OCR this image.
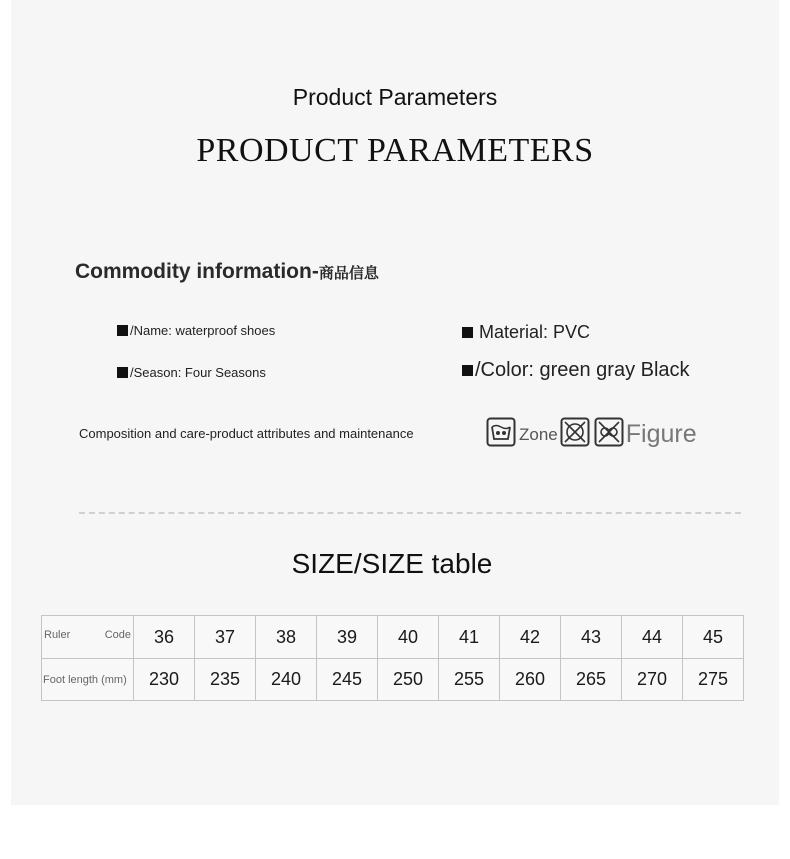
Product Parameters
PRODUCT PARAMETERS
Commodity information-商品信息
/Name: waterproof shoes
/Season: Four Seasons
Material: PVC
/Color: green gray Black
Composition and care-product attributes and maintenance	Zone	Figure
SIZE/SIZE table
Ruler Code	36	37	38	39	40	41	42	43	44	45
Foot length (mm)	230	235	240	245	250	255	260	265	270	275
